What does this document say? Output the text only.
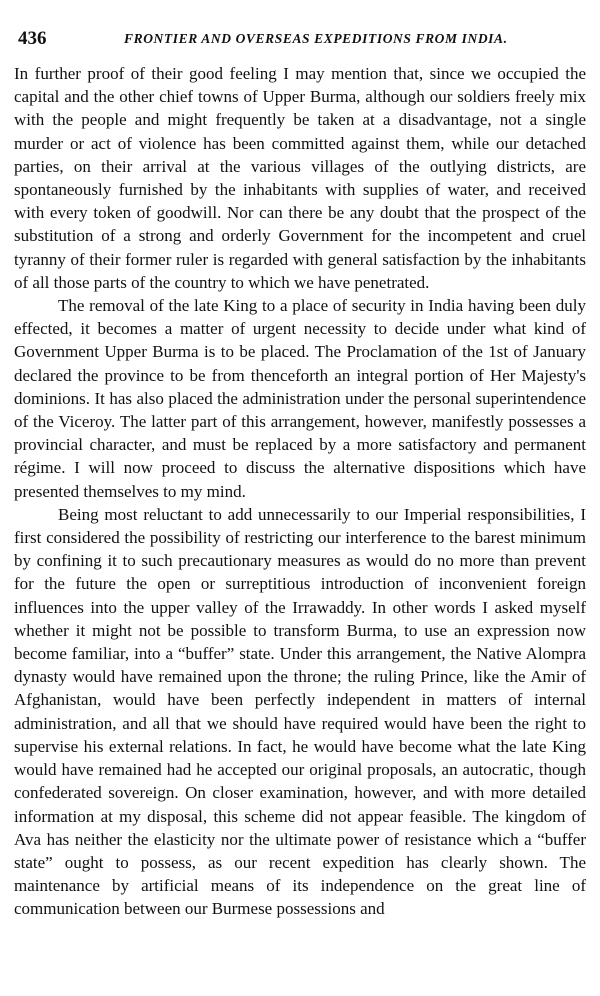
436	FRONTIER AND OVERSEAS EXPEDITIONS FROM INDIA.

In further proof of their good feeling I may mention that, since we occupied the capital and the other chief towns of Upper Burma, although our soldiers freely mix with the people and might frequently be taken at a disadvantage, not a single murder or act of violence has been committed against them, while our detached parties, on their arrival at the various villages of the outlying districts, are spontaneously furnished by the inhabitants with supplies of water, and received with every token of goodwill. Nor can there be any doubt that the prospect of the substitution of a strong and orderly Government for the incompetent and cruel tyranny of their former ruler is regarded with general satisfaction by the inhabitants of all those parts of the country to which we have penetrated.

The removal of the late King to a place of security in India having been duly effected, it becomes a matter of urgent necessity to decide under what kind of Government Upper Burma is to be placed. The Proclamation of the 1st of January declared the province to be from thenceforth an integral portion of Her Majesty's dominions. It has also placed the administration under the personal superintendence of the Viceroy. The latter part of this arrangement, however, manifestly possesses a provincial character, and must be replaced by a more satisfactory and permanent régime. I will now proceed to discuss the alternative dispositions which have presented themselves to my mind.

Being most reluctant to add unnecessarily to our Imperial responsibilities, I first considered the possibility of restricting our interference to the barest minimum by confining it to such precautionary measures as would do no more than prevent for the future the open or surreptitious introduction of inconvenient foreign influences into the upper valley of the Irrawaddy. In other words I asked myself whether it might not be possible to transform Burma, to use an expression now become familiar, into a “buffer” state. Under this arrangement, the Native Alompra dynasty would have remained upon the throne; the ruling Prince, like the Amir of Afghanistan, would have been perfectly independent in matters of internal administration, and all that we should have required would have been the right to supervise his external relations. In fact, he would have become what the late King would have remained had he accepted our original proposals, an autocratic, though confederated sovereign. On closer examination, however, and with more detailed information at my disposal, this scheme did not appear feasible. The kingdom of Ava has neither the elasticity nor the ultimate power of resistance which a “buffer state” ought to possess, as our recent expedition has clearly shown. The maintenance by artificial means of its independence on the great line of communication between our Burmese possessions and
